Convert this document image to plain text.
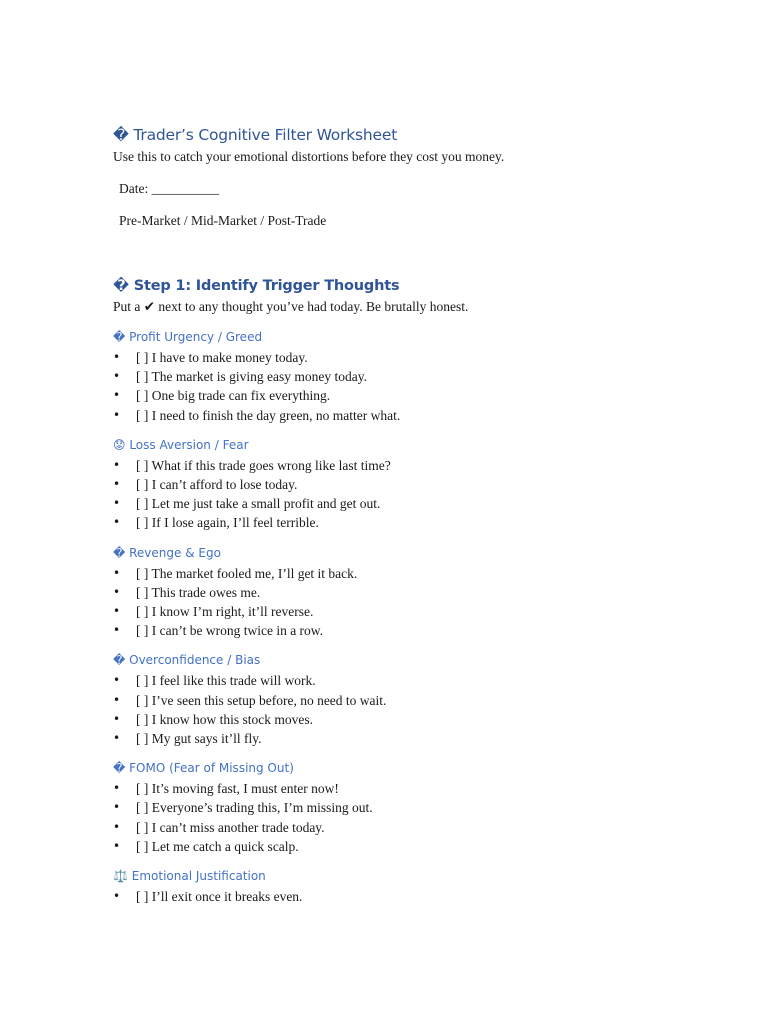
� Trader’s Cognitive Filter Worksheet

Use this to catch your emotional distortions before they cost you money.

Date: __________

Pre-Market / Mid-Market / Post-Trade

� Step 1: Identify Trigger Thoughts

Put a ✔ next to any thought you’ve had today. Be brutally honest.

� Profit Urgency / Greed
• [ ] I have to make money today.
• [ ] The market is giving easy money today.
• [ ] One big trade can fix everything.
• [ ] I need to finish the day green, no matter what.
😟 Loss Aversion / Fear
• [ ] What if this trade goes wrong like last time?
• [ ] I can’t afford to lose today.
• [ ] Let me just take a small profit and get out.
• [ ] If I lose again, I’ll feel terrible.
� Revenge & Ego
• [ ] The market fooled me, I’ll get it back.
• [ ] This trade owes me.
• [ ] I know I’m right, it’ll reverse.
• [ ] I can’t be wrong twice in a row.
� Overconfidence / Bias
• [ ] I feel like this trade will work.
• [ ] I’ve seen this setup before, no need to wait.
• [ ] I know how this stock moves.
• [ ] My gut says it’ll fly.
� FOMO (Fear of Missing Out)
• [ ] It’s moving fast, I must enter now!
• [ ] Everyone’s trading this, I’m missing out.
• [ ] I can’t miss another trade today.
• [ ] Let me catch a quick scalp.
⚖️ Emotional Justification
• [ ] I’ll exit once it breaks even.
